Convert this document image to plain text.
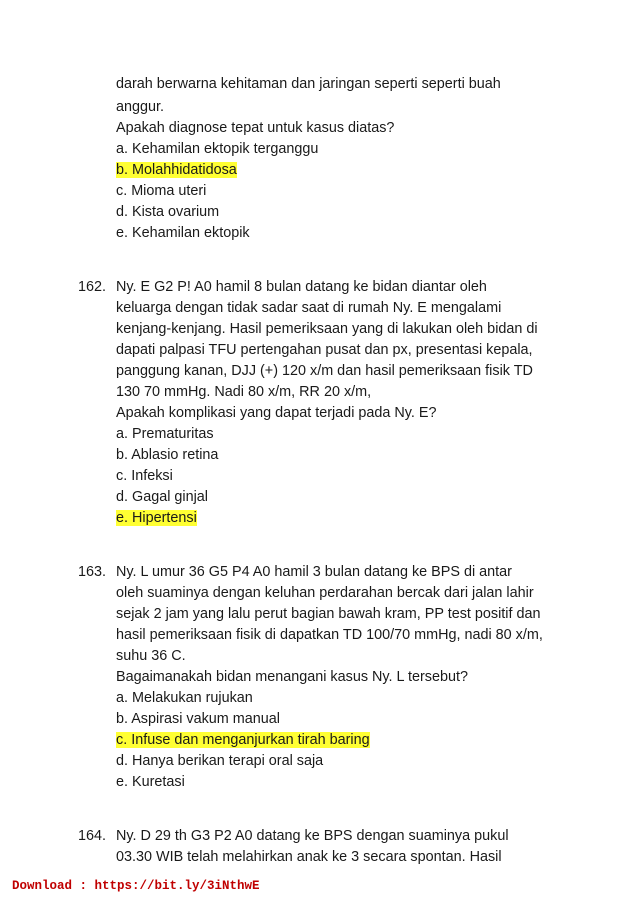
darah berwarna kehitaman dan jaringan seperti seperti buah
anggur.
Apakah diagnose tepat untuk kasus diatas?
a. Kehamilan ektopik terganggu
b. Molahhidatidosa
c. Mioma uteri
d. Kista ovarium
e. Kehamilan ektopik
162. Ny. E G2 P! A0 hamil 8 bulan datang ke bidan diantar oleh
keluarga dengan tidak sadar saat di rumah Ny. E mengalami
kenjang-kenjang. Hasil pemeriksaan yang di lakukan oleh bidan di
dapati palpasi TFU pertengahan pusat dan px, presentasi kepala,
panggung kanan, DJJ (+) 120 x/m dan hasil pemeriksaan fisik TD
130 70 mmHg. Nadi 80 x/m, RR 20 x/m,
Apakah komplikasi yang dapat terjadi pada Ny. E?
a. Prematuritas
b. Ablasio retina
c. Infeksi
d. Gagal ginjal
e. Hipertensi
163. Ny. L umur 36 G5 P4 A0 hamil 3 bulan datang ke BPS di antar
oleh suaminya dengan keluhan perdarahan bercak dari jalan lahir
sejak 2 jam yang lalu perut bagian bawah kram, PP test positif dan
hasil pemeriksaan fisik di dapatkan TD 100/70 mmHg, nadi 80 x/m,
suhu 36 C.
Bagaimanakah bidan menangani kasus Ny. L tersebut?
a. Melakukan rujukan
b. Aspirasi vakum manual
c. Infuse dan menganjurkan tirah baring
d. Hanya berikan terapi oral saja
e. Kuretasi
164. Ny. D 29 th G3 P2 A0 datang ke BPS dengan suaminya pukul
03.30 WIB telah melahirkan anak ke 3 secara spontan. Hasil
Download : https://bit.ly/3iNthwE
